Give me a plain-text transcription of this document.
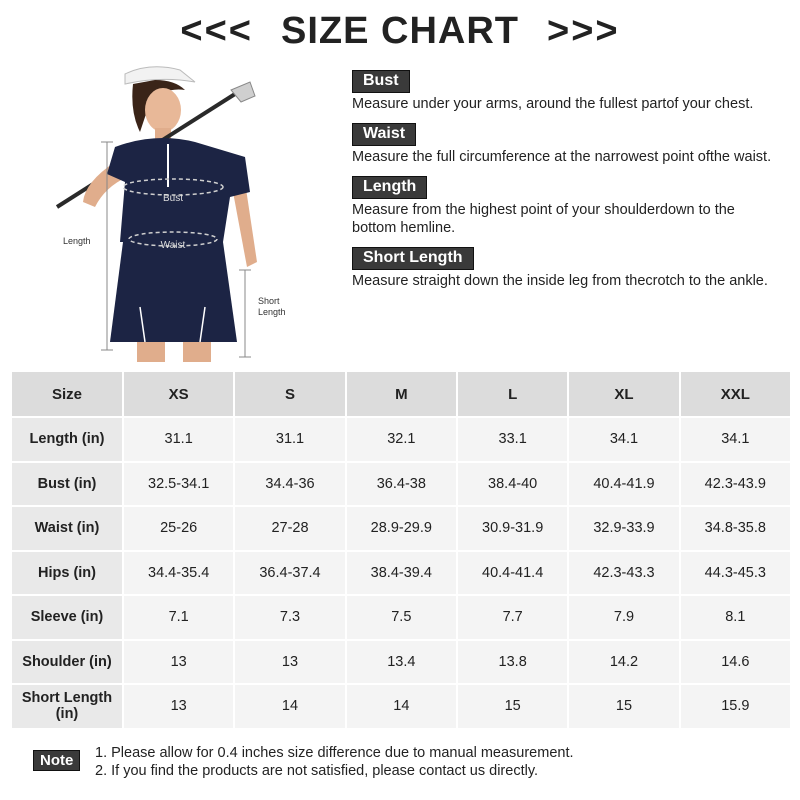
<<< SIZE CHART >>>
Bust
Waist
Length
Short
Length
Bust
Measure under your arms, around the fullest partof your chest.
Waist
Measure the full circumference at the narrowest point ofthe waist.
Length
Measure from the highest point of your shoulderdown to the bottom hemline.
Short Length
Measure straight down the inside leg from thecrotch to the ankle.
Size	XS	S	M	L	XL	XXL
Length (in)	31.1	31.1	32.1	33.1	34.1	34.1
Bust (in)	32.5-34.1	34.4-36	36.4-38	38.4-40	40.4-41.9	42.3-43.9
Waist (in)	25-26	27-28	28.9-29.9	30.9-31.9	32.9-33.9	34.8-35.8
Hips (in)	34.4-35.4	36.4-37.4	38.4-39.4	40.4-41.4	42.3-43.3	44.3-45.3
Sleeve (in)	7.1	7.3	7.5	7.7	7.9	8.1
Shoulder (in)	13	13	13.4	13.8	14.2	14.6
Short Length (in)	13	14	14	15	15	15.9
Note	1. Please allow for 0.4 inches size difference due to manual measurement.
2. If you find the products are not satisfied, please contact us directly.
